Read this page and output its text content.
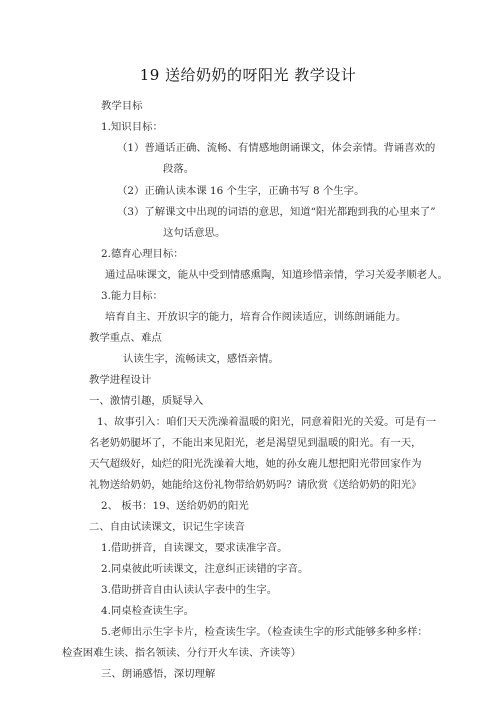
19 送给奶奶的呀阳光 教学设计
教学目标
1.知识目标：
（1）普通话正确、流畅、有情感地朗诵课文，体会亲情。背诵喜欢的
段落。
（2）正确认读本课 16 个生字，正确书写 8 个生字。
（3）了解课文中出现的词语的意思，知道“阳光都跑到我的心里来了”
这句话意思。
2.德育心理目标：
通过品味课文，能从中受到情感熏陶，知道珍惜亲情，学习关爱孝顺老人。
3.能力目标：
培育自主、开放识字的能力，培育合作阅读适应，训练朗诵能力。
教学重点、难点
认读生字，流畅读文，感悟亲情。
教学进程设计
一、激情引趣，质疑导入
1、故事引入：咱们天天洗澡着温暖的阳光，同意着阳光的关爱。可是有一
名老奶奶腿坏了，不能出来见阳光，老是渴望见到温暖的阳光。有一天，
天气超级好，灿烂的阳光洗澡着大地，她的孙女鹿儿想把阳光带回家作为
礼物送给奶奶，她能给这份礼物带给奶奶吗？请欣赏《送给奶奶的阳光》
2、 板书：19、送给奶奶的阳光
二、自由试读课文，识记生字读音
1.借助拼音，自读课文，要求读准字音。
2.同桌彼此听读课文，注意纠正读错的字音。
3.借助拼音自由认读认字表中的生字。
4.同桌检查读生字。
5.老师出示生字卡片，检查读生字。（检查读生字的形式能够多种多样：
检查困难生读、指名领读、分行开火车读、齐读等）
三、朗诵感悟，深切理解
